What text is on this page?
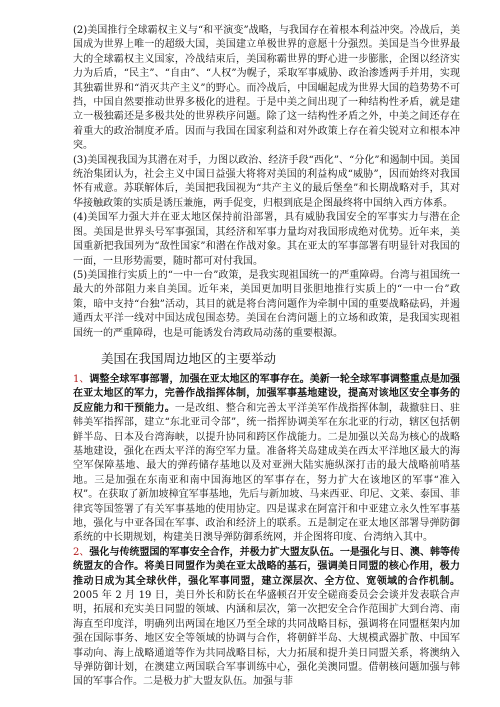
(2)美国推行全球霸权主义与“和平演变”战略，与我国存在着根本利益冲突。冷战后，美国成为世界上唯一的超级大国，美国建立单极世界的意愿十分强烈。美国是当今世界最大的全球霸权主义国家，冷战结束后，美国称霸世界的野心进一步膨胀，企图以经济实力为后盾，“民主”、“自由”、“人权”为幌子，采取军事威胁、政治渗透两手并用，实现其独霸世界和“消灭共产主义”的野心。而冷战后，中国崛起成为世界大国的趋势势不可挡，中国自然要推动世界多极化的进程。于是中美之间出现了一种结构性矛盾，就是建立一极独霸还是多极共处的世界秩序问题。除了这一结构性矛盾之外，中美之间还存在着重大的政治制度矛盾。因而与我国在国家利益和对外政策上存在着尖锐对立和根本冲突。

(3)美国视我国为其潜在对手，力图以政治、经济手段“西化”、“分化”和遏制中国。美国统治集团认为，社会主义中国日益强大将将对美国的利益构成“威胁”，因而始终对我国怀有戒意。苏联解体后，美国把我国视为“共产主义的最后堡垒”和长期战略对手，其对华接触政策的实质是诱压兼施，两手促变，归根到底是企图最终将中国纳入西方体系。

(4)美国军力强大并在亚太地区保持前沿部署，具有威胁我国安全的军事实力与潜在企图。美国是世界头号军事强国，其经济和军事力量均对我国形成绝对优势。近年来，美国重新把我国列为“敌性国家”和潜在作战对象。其在亚太的军事部署有明显针对我国的一面，一旦形势需要，随时都可对付我国。

(5)美国推行实质上的“一中一台”政策，是我实现祖国统一的严重障碍。台湾与祖国统一最大的外部阻力来自美国。近年来，美国更加明目张胆地推行实质上的“一中一台”政策，暗中支持“台独”活动，其目的就是将台湾问题作为牵制中国的重要战略砝码，并遏通西太平洋一线对中国达成包围态势。美国在台湾问题上的立场和政策，是我国实现祖国统一的严重障碍，也是可能诱发台湾政局动荡的重要根源。

美国在我国周边地区的主要举动

1、调整全球军事部署，加强在亚太地区的军事存在。美新一轮全球军事调整重点是加强在亚太地区的军力，完善作战指挥体制，加强军事基地建设，提高对该地区安全事务的反应能力和干预能力。一是改组、整合和完善太平洋美军作战指挥体制，裁撤驻日、驻韩美军指挥部，建立“东北亚司令部”，统一指挥协调美军在东北亚的行动，辖区包括朝鲜半岛、日本及台湾海峡，以提升协同和跨区作战能力。二是加强以关岛为核心的战略基地建设，强化在西太平洋的海空军力量。准备将关岛建成美在西太平洋地区最大的海空军保障基地、最大的弹药储存基地以及对亚洲大陆实施纵深打击的最大战略前哨基地。三是加强在东南亚和南中国海地区的军事存在，努力扩大在该地区的军事“准入权”。在获取了新加坡樟宜军事基地，先后与新加坡、马来西亚、印尼、文莱、泰国、菲律宾等国签署了有关军事基地的使用协定。四是谋求在阿富汗和中亚建立永久性军事基地，强化与中亚各国在军事、政治和经济上的联系。五是制定在亚太地区部署导弹防御系统的中长期规划，构建美日澳导弹防御系统网，并企图将印度、台湾纳入其中。

2、强化与传统盟国的军事安全合作，并极力扩大盟友队伍。一是强化与日、澳、韩等传统盟友的合作。将美日同盟作为美在亚太战略的基石，强调美日同盟的核心作用，极力推动日成为其全球伙伴，强化军事同盟，建立深层次、全方位、宽领域的合作机制。2005 年 2 月 19 日，美日外长和防长在华盛顿召开安全磋商委员会会谈并发表联合声明，拓展和充实美日同盟的领域、内涵和层次，第一次把安全合作范围扩大到台湾、南海直至印度洋，明确列出两国在地区乃至全球的共同战略目标，强调将在同盟框架内加强在国际事务、地区安全等领域的协调与合作，将朝鲜半岛、大规模武器扩散、中国军事动向、海上战略通道等作为共同战略目标，大力拓展和提升美日同盟关系，将澳纳入导弹防御计划，在澳建立两国联合军事训练中心，强化美澳同盟。借朝核问题加强与韩国的军事合作。二是极力扩大盟友队伍。加强与菲
